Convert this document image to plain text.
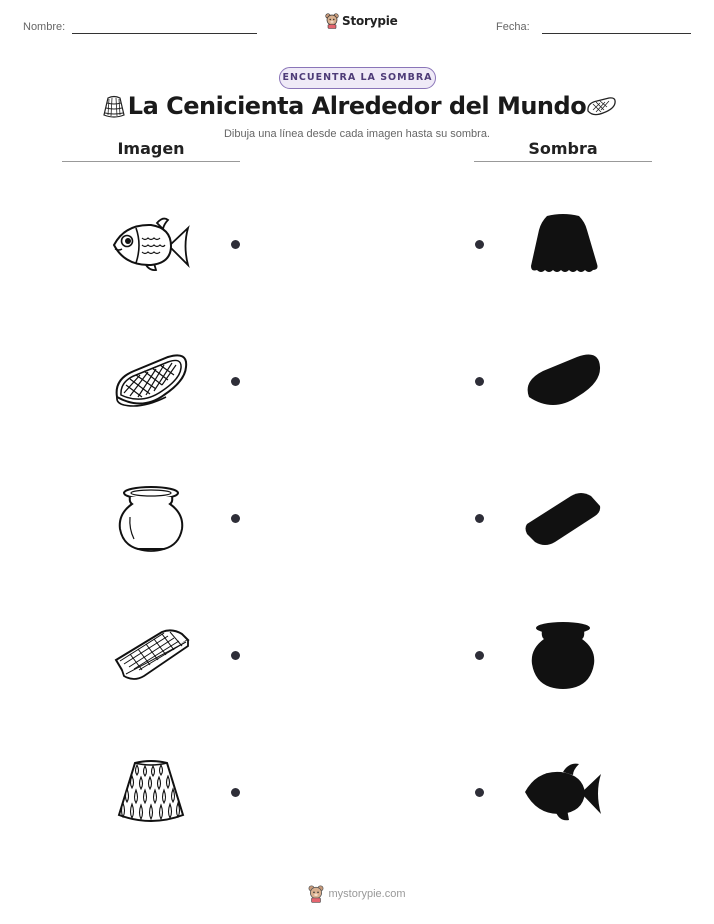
Nombre:	Storypie	Fecha:
ENCUENTRA LA SOMBRA
La Cenicienta Alrededor del Mundo
Dibuja una línea desde cada imagen hasta su sombra.
Imagen	Sombra
mystorypie.com
